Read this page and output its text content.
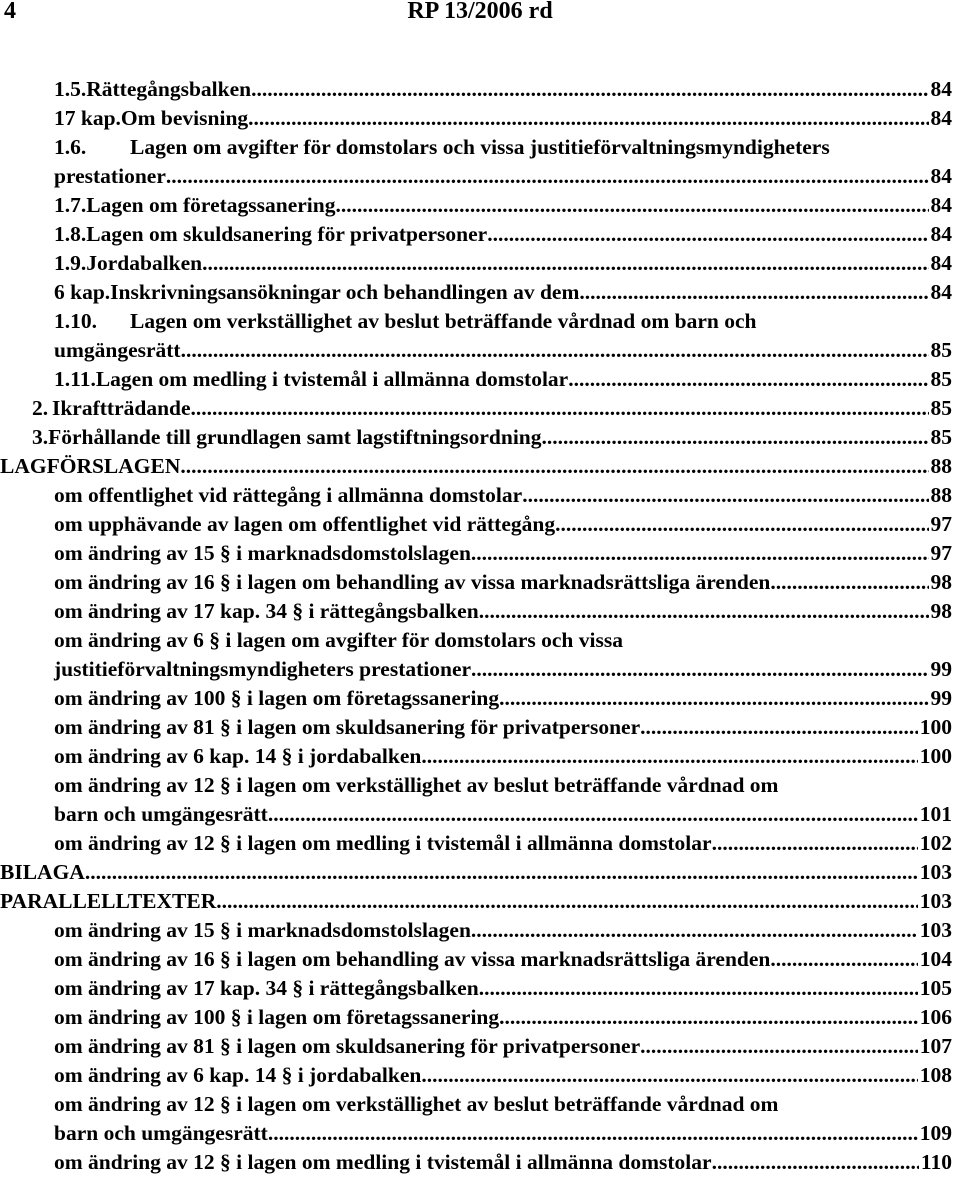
4	RP 13/2006 rd
1.5. Rättegångsbalken .....	84
17 kap. Om bevisning .....	84
1.6.	Lagen om avgifter för domstolars och vissa justitieförvaltningsmyndigheters
prestationer .....	84
1.7. Lagen om företagssanering .....	84
1.8. Lagen om skuldsanering för privatpersoner .....	84
1.9. Jordabalken .....	84
6 kap. Inskrivningsansökningar och behandlingen av dem .....	84
1.10.	Lagen om verkställighet av beslut beträffande vårdnad om barn och
umgängesrätt .....	85
1.11. Lagen om medling i tvistemål i allmänna domstolar .....	85
2. Ikraftträdande .....	85
3. Förhållande till grundlagen samt lagstiftningsordning .....	85
LAGFÖRSLAGEN .....	88
om offentlighet vid rättegång i allmänna domstolar .....	88
om upphävande av lagen om offentlighet vid rättegång .....	97
om ändring av 15 § i marknadsdomstolslagen .....	97
om ändring av 16 § i lagen om behandling av vissa marknadsrättsliga ärenden .....	98
om ändring av 17 kap. 34 § i rättegångsbalken .....	98
om ändring av 6 § i lagen om avgifter för domstolars och vissa
justitieförvaltningsmyndigheters prestationer .....	99
om ändring av 100 § i lagen om företagssanering .....	99
om ändring av 81 § i lagen om skuldsanering för privatpersoner .....	100
om ändring av 6 kap. 14 § i jordabalken .....	100
om ändring av 12 § i lagen om verkställighet av beslut beträffande vårdnad om
barn och umgängesrätt .....	101
om ändring av 12 § i lagen om medling i tvistemål i allmänna domstolar .....	102
BILAGA .....	103
PARALLELLTEXTER .....	103
om ändring av 15 § i marknadsdomstolslagen .....	103
om ändring av 16 § i lagen om behandling av vissa marknadsrättsliga ärenden .....	104
om ändring av 17 kap. 34 § i rättegångsbalken .....	105
om ändring av 100 § i lagen om företagssanering .....	106
om ändring av 81 § i lagen om skuldsanering för privatpersoner .....	107
om ändring av 6 kap. 14 § i jordabalken .....	108
om ändring av 12 § i lagen om verkställighet av beslut beträffande vårdnad om
barn och umgängesrätt .....	109
om ändring av 12 § i lagen om medling i tvistemål i allmänna domstolar .....	110
